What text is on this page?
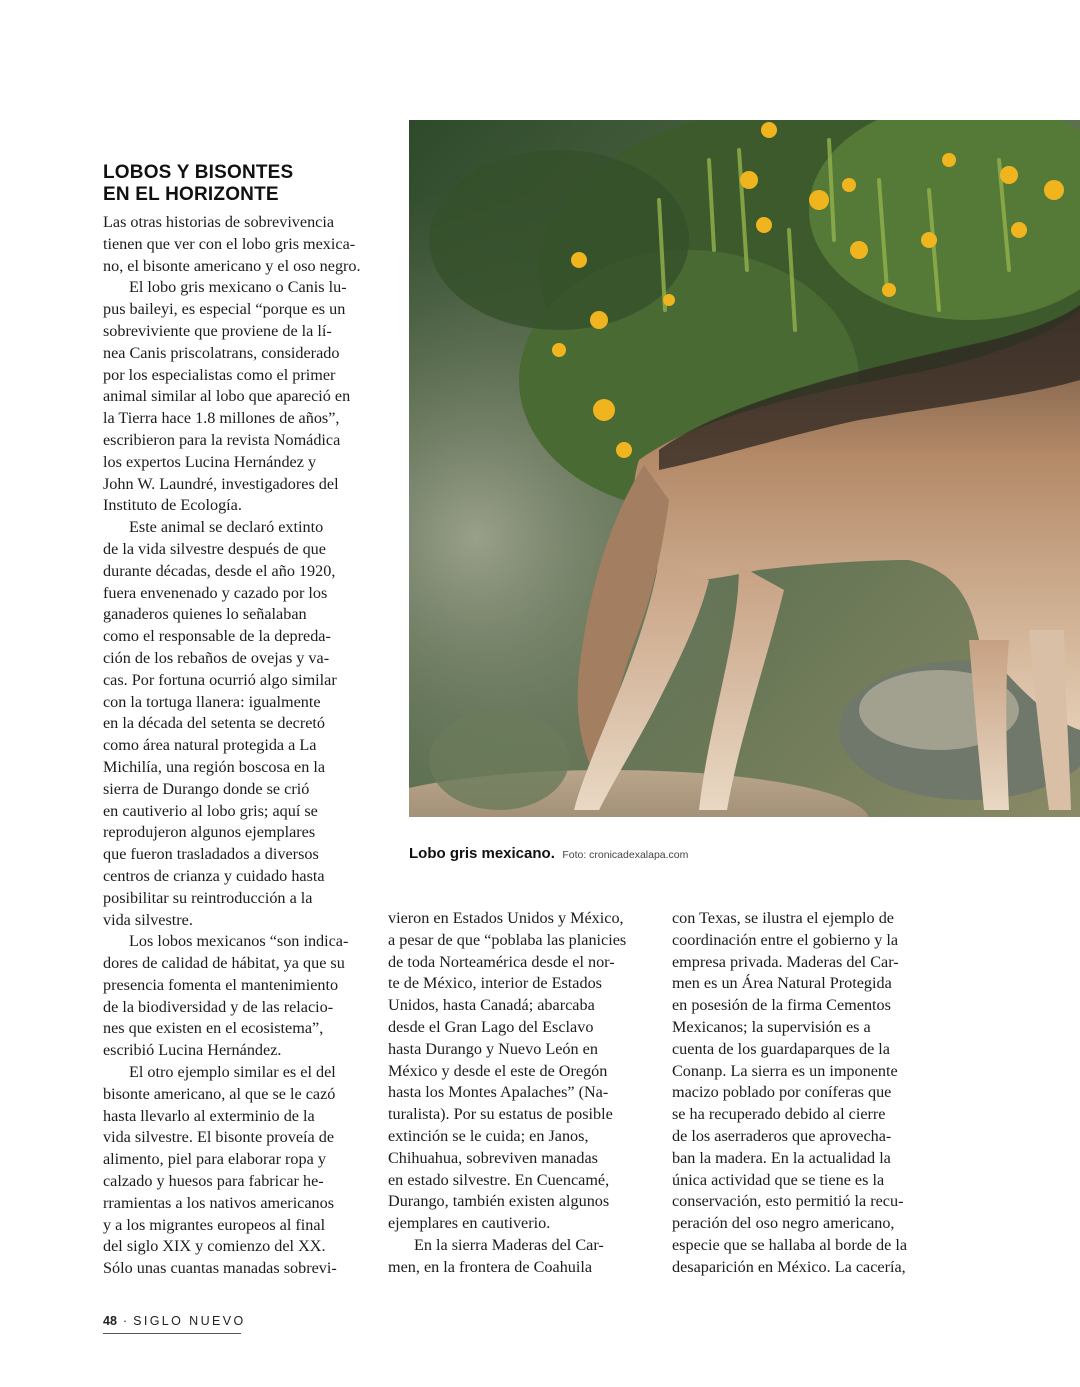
LOBOS Y BISONTES
EN EL HORIZONTE
Las otras historias de sobrevivencia
tienen que ver con el lobo gris mexica-
no, el bisonte americano y el oso negro.
El lobo gris mexicano o Canis lu-
pus baileyi, es especial “porque es un
sobreviviente que proviene de la lí-
nea Canis priscolatrans, considerado
por los especialistas como el primer
animal similar al lobo que apareció en
la Tierra hace 1.8 millones de años”,
escribieron para la revista Nomádica
los expertos Lucina Hernández y
John W. Laundré, investigadores del
Instituto de Ecología.
Este animal se declaró extinto
de la vida silvestre después de que
durante décadas, desde el año 1920,
fuera envenenado y cazado por los
ganaderos quienes lo señalaban
como el responsable de la depreda-
ción de los rebaños de ovejas y va-
cas. Por fortuna ocurrió algo similar
con la tortuga llanera: igualmente
en la década del setenta se decretó
como área natural protegida a La
Michilía, una región boscosa en la
sierra de Durango donde se crió
en cautiverio al lobo gris; aquí se
reprodujeron algunos ejemplares
que fueron trasladados a diversos
centros de crianza y cuidado hasta
posibilitar su reintroducción a la
vida silvestre.
Los lobos mexicanos “son indica-
dores de calidad de hábitat, ya que su
presencia fomenta el mantenimiento
de la biodiversidad y de las relacio-
nes que existen en el ecosistema”,
escribió Lucina Hernández.
El otro ejemplo similar es el del
bisonte americano, al que se le cazó
hasta llevarlo al exterminio de la
vida silvestre. El bisonte proveía de
alimento, piel para elaborar ropa y
calzado y huesos para fabricar he-
rramientas a los nativos americanos
y a los migrantes europeos al final
del siglo XIX y comienzo del XX.
Sólo unas cuantas manadas sobrevi-
Lobo gris mexicano. Foto: cronicadexalapa.com
vieron en Estados Unidos y México,
a pesar de que “poblaba las planicies
de toda Norteamérica desde el nor-
te de México, interior de Estados
Unidos, hasta Canadá; abarcaba
desde el Gran Lago del Esclavo
hasta Durango y Nuevo León en
México y desde el este de Oregón
hasta los Montes Apalaches” (Na-
turalista). Por su estatus de posible
extinción se le cuida; en Janos,
Chihuahua, sobreviven manadas
en estado silvestre. En Cuencamé,
Durango, también existen algunos
ejemplares en cautiverio.
En la sierra Maderas del Car-
men, en la frontera de Coahuila
con Texas, se ilustra el ejemplo de
coordinación entre el gobierno y la
empresa privada. Maderas del Car-
men es un Área Natural Protegida
en posesión de la firma Cementos
Mexicanos; la supervisión es a
cuenta de los guardaparques de la
Conanp. La sierra es un imponente
macizo poblado por coníferas que
se ha recuperado debido al cierre
de los aserraderos que aprovecha-
ban la madera. En la actualidad la
única actividad que se tiene es la
conservación, esto permitió la recu-
peración del oso negro americano,
especie que se hallaba al borde de la
desaparición en México. La cacería,
48 · SIGLO NUEVO
